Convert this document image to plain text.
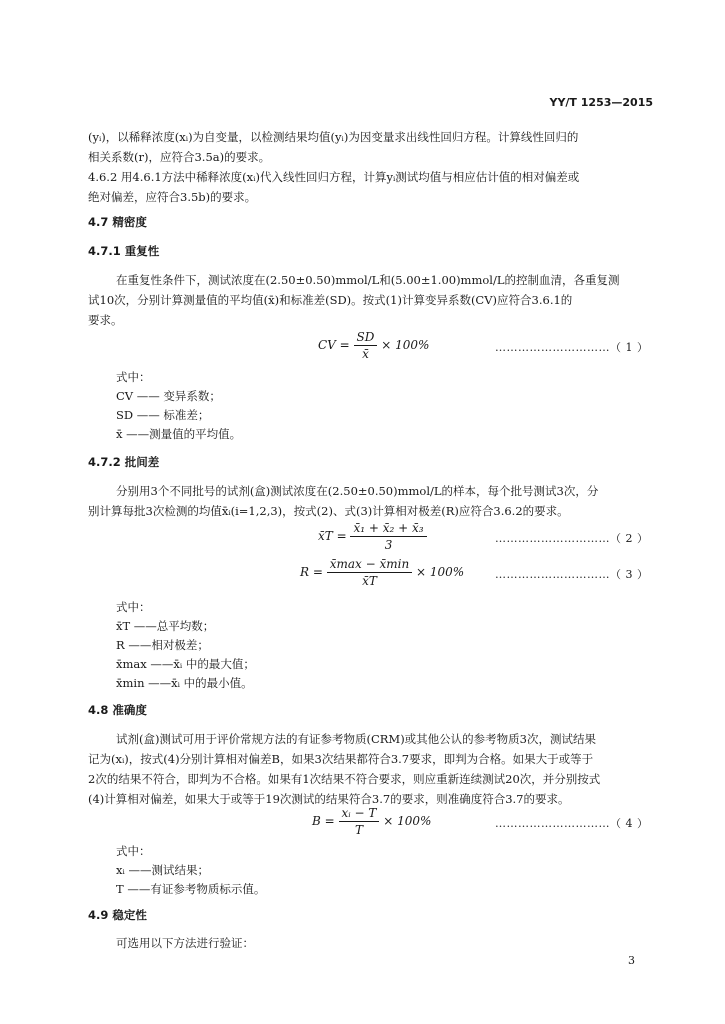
YY/T 1253—2015
(yᵢ)，以稀释浓度(xᵢ)为自变量，以检测结果均值(yᵢ)为因变量求出线性回归方程。计算线性回归的
相关系数(r)，应符合3.5a)的要求。
4.6.2 用4.6.1方法中稀释浓度(xᵢ)代入线性回归方程，计算yᵢ测试均值与相应估计值的相对偏差或
绝对偏差，应符合3.5b)的要求。
4.7 精密度
4.7.1 重复性
在重复性条件下，测试浓度在(2.50±0.50)mmol/L和(5.00±1.00)mmol/L的控制血清，各重复测
试10次，分别计算测量值的平均值(x̄)和标准差(SD)。按式(1)计算变异系数(CV)应符合3.6.1的
要求。
CV = $\frac{SD}{x̄} \times 100\%$	…………………………（ 1 ）
式中：
CV —— 变异系数；
SD —— 标准差；
x̄ ——测量值的平均值。
4.7.2 批间差
分别用3个不同批号的试剂(盒)测试浓度在(2.50±0.50)mmol/L的样本，每个批号测试3次，分
别计算每批3次检测的均值x̄ᵢ(i=1,2,3)，按式(2)、式(3)计算相对极差(R)应符合3.6.2的要求。
x̄T = $\frac{\text{x̄₁ + x̄₂ + x̄₃}}{3}$	…………………………（ 2 ）
$R = \frac{x̄\max - x̄\min}{x̄T} \times 100\%$	…………………………（ 3 ）
式中：
x̄T ——总平均数；
R ——相对极差；
x̄max ——x̄ᵢ 中的最大值；
x̄min ——x̄ᵢ 中的最小值。
4.8 准确度
试剂(盒)测试可用于评价常规方法的有证参考物质(CRM)或其他公认的参考物质3次，测试结果
记为(xᵢ)，按式(4)分别计算相对偏差B，如果3次结果都符合3.7要求，即判为合格。如果大于或等于
2次的结果不符合，即判为不合格。如果有1次结果不符合要求，则应重新连续测试20次，并分别按式
(4)计算相对偏差，如果大于或等于19次测试的结果符合3.7的要求，则准确度符合3.7的要求。
$B = \frac{\text{xᵢ − T}}{T} \times 100\%$	…………………………（ 4 ）
式中：
xᵢ ——测试结果；
T ——有证参考物质标示值。
4.9 稳定性
可选用以下方法进行验证：
3
